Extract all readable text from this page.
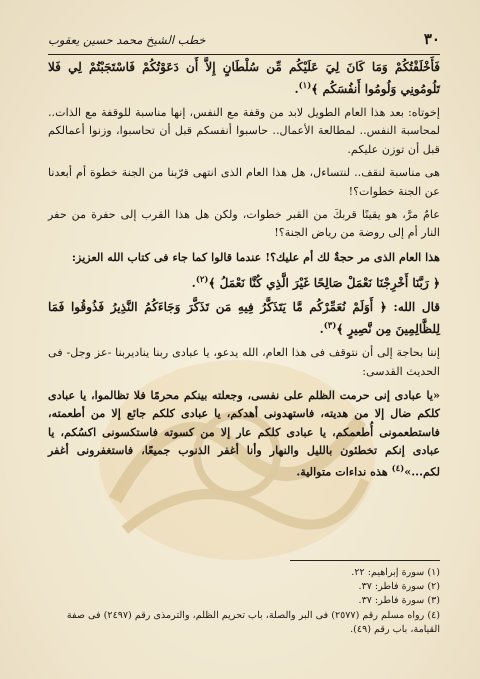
٣٠
خطب الشيخ محمد حسين يعقوب

فَأَخْلَفْتُكُمْ وَمَا كَانَ لِيَ عَلَيْكُم مِّن سُلْطَانٍ إِلاَّ أَن دَعَوْتُكُمْ فَاسْتَجَبْتُمْ لِي فَلا تَلُومُونِي وَلُومُوا أَنفُسَكُم ﴾$^{(١)}$.

إخوتاه: بعد هذا العام الطويل لابد من وقفة مع النفس، إنها مناسبة للوقفة مع الذات.. لمحاسبة النفس.. لمطالعة الأعمال.. حاسبوا أنفسكم قبل أن تحاسبوا، وزنوا أعمالكم قبل أن توزن عليكم.

هى مناسبة لنقف.. لنتساءل، هل هذا العام الذى انتهى قرّبنا من الجنة خطوة أم أبعدنا عن الجنة خطوات؟!

عامٌ مرَّ، هو يقينًا قربكَ من القبر خطوات، ولكن هل هذا القرب إلى حفرة من حفر النار أم إلى روضة من رياض الجنة؟!

هذا العام الذى مر حجةٌ لك أم عليك؟! عندما قالوا كما جاء فى كتاب الله العزيز:

﴿ رَبَّنَا أَخْرِجْنَا نَعْمَلْ صَالِحًا غَيْرَ الَّذِي كُنَّا نَعْمَلُ ﴾$^{(٢)}$.

قال الله: ﴿ أَوَلَمْ نُعَمِّرْكُم مَّا يَتَذَكَّرُ فِيهِ مَن تَذَكَّرَ وَجَاءَكُمُ النَّذِيرُ فَذُوقُوا فَمَا لِلظَّالِمِينَ مِن نَّصِيرٍ ﴾$^{(٣)}$.

إننا بحاجة إلى أن نتوقف فى هذا العام، الله يدعو، يا عبادى ربنا يناديربنا -عز وجل- فى الحديث القدسى:

«يا عبادى إنى حرمت الظلم على نفسى، وجعلته بينكم محرمًا فلا تظالموا، يا عبادى كلكم ضال إلا من هديته، فاستهدونى أهدكم، يا عبادى كلكم جائع إلا من أطعمته، فاستطعمونى أُطعمكم، يا عبادى كلكم عار إلا من كسوته فاستكسونى اكسُكم، يا عبادى إنكم تخطئون بالليل والنهار وأنا أغفر الذنوب جميعًا، فاستغفرونى أغفر لكم...»$^{(٤)}$ هذه نداءات متوالية.

(١) سورة إبراهيم: ٢٢.
(٢) سورة فاطر: ٣٧.
(٣) سورة فاطر: ٣٧.
(٤) رواه مسلم رقم (٢٥٧٧) فى البر والصلة، باب تحريم الظلم، والترمذى رقم (٢٤٩٧) فى صفة القيامة، باب رقم (٤٩).
